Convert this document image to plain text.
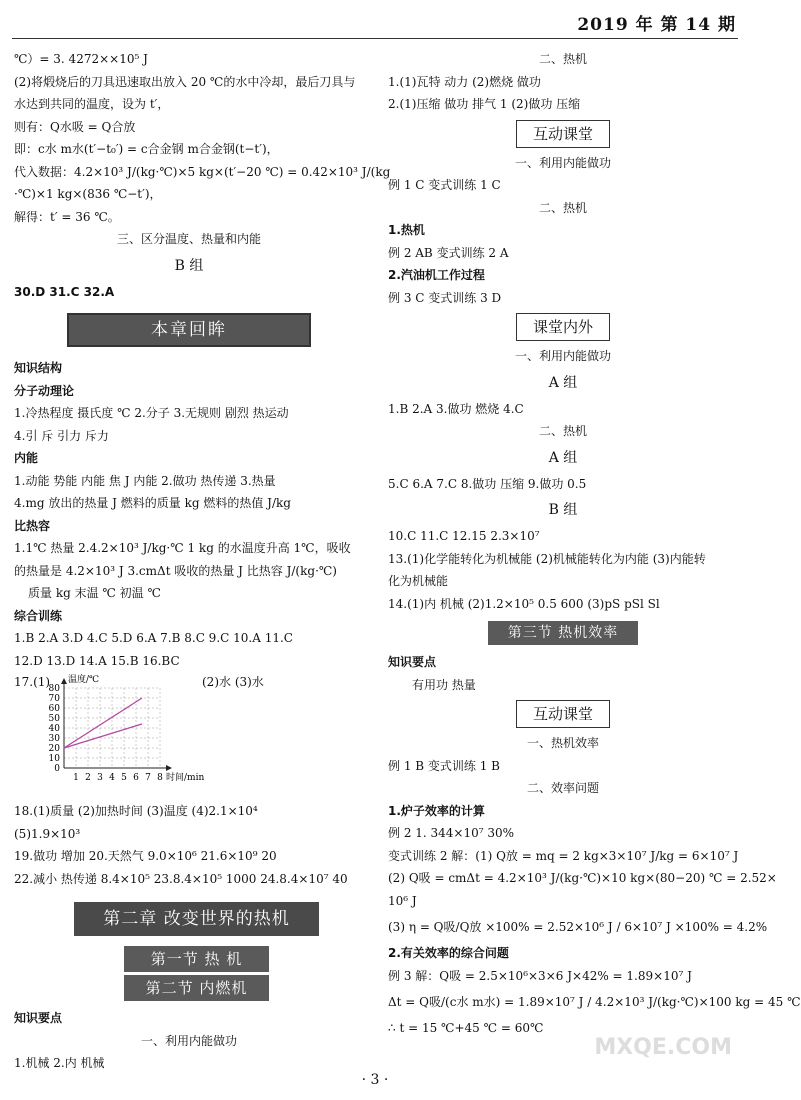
2019 年 第 14 期
℃）= 3. 4272××10⁵ J
(2)将煅烧后的刀具迅速取出放入 20 ℃的水中冷却，最后刀具与
水达到共同的温度，设为 t′，
则有：Q水吸 = Q合放
即：c水 m水(t′−t₀′) = c合金钢 m合金钢(t−t′)，
代入数据：4.2×10³ J/(kg·℃)×5 kg×(t′−20 ℃) = 0.42×10³ J/(kg
·℃)×1 kg×(836 ℃−t′)，
解得：t′ = 36 ℃。
三、区分温度、热量和内能
B 组
30.D 31.C 32.A
本章回眸
知识结构
分子动理论
1.冷热程度 摄氏度 ℃ 2.分子 3.无规则 剧烈 热运动
4.引 斥 引力 斥力
内能
1.动能 势能 内能 焦 J 内能 2.做功 热传递 3.热量
4.mg 放出的热量 J 燃料的质量 kg 燃料的热值 J/kg
比热容
1.1℃ 热量 2.4.2×10³ J/kg·℃ 1 kg 的水温度升高 1℃，吸收
的热量是 4.2×10³ J 3.cmΔt 吸收的热量 J 比热容 J/(kg·℃)
质量 kg 末温 ℃ 初温 ℃
综合训练
1.B 2.A 3.D 4.C 5.D 6.A 7.B 8.C 9.C 10.A 11.C
12.D 13.D 14.A 15.B 16.BC
17.(1)	(2)水 (3)水
温度/℃
0
10
20
30
40
50
60
70
80
1 2 3 4 5 6 7 8 时间/min
18.(1)质量 (2)加热时间 (3)温度 (4)2.1×10⁴
(5)1.9×10³
19.做功 增加 20.天然气 9.0×10⁶ 21.6×10⁹ 20
22.减小 热传递 8.4×10⁵ 23.8.4×10⁵ 1000 24.8.4×10⁷ 40
第二章 改变世界的热机
第一节 热 机
第二节 内燃机
知识要点
一、利用内能做功
1.机械 2.内 机械
二、热机
1.(1)瓦特 动力 (2)燃烧 做功
2.(1)压缩 做功 排气 1 (2)做功 压缩
互动课堂
一、利用内能做功
例 1 C 变式训练 1 C
二、热机
1.热机
例 2 AB 变式训练 2 A
2.汽油机工作过程
例 3 C 变式训练 3 D
课堂内外
一、利用内能做功
A 组
1.B 2.A 3.做功 燃烧 4.C
二、热机
A 组
5.C 6.A 7.C 8.做功 压缩 9.做功 0.5
B 组
10.C 11.C 12.15 2.3×10⁷
13.(1)化学能转化为机械能 (2)机械能转化为内能 (3)内能转
化为机械能
14.(1)内 机械 (2)1.2×10⁵ 0.5 600 (3)pS pSl Sl
第三节 热机效率
知识要点
有用功 热量
互动课堂
一、热机效率
例 1 B 变式训练 1 B
二、效率问题
1.炉子效率的计算
例 2 1. 344×10⁷ 30%
变式训练 2 解：(1) Q放 = mq = 2 kg×3×10⁷ J/kg = 6×10⁷ J
(2) Q吸 = cmΔt = 4.2×10³ J/(kg·℃)×10 kg×(80−20) ℃ = 2.52×
10⁶ J
(3) η = Q吸/Q放 ×100% = 2.52×10⁶ J / 6×10⁷ J ×100% = 4.2%
2.有关效率的综合问题
例 3 解：Q吸 = 2.5×10⁶×3×6 J×42% = 1.89×10⁷ J
Δt = Q吸/(c水 m水) = 1.89×10⁷ J / 4.2×10³ J/(kg·℃)×100 kg = 45 ℃
∴ t = 15 ℃+45 ℃ = 60℃
MXQE.COM
· 3 ·
